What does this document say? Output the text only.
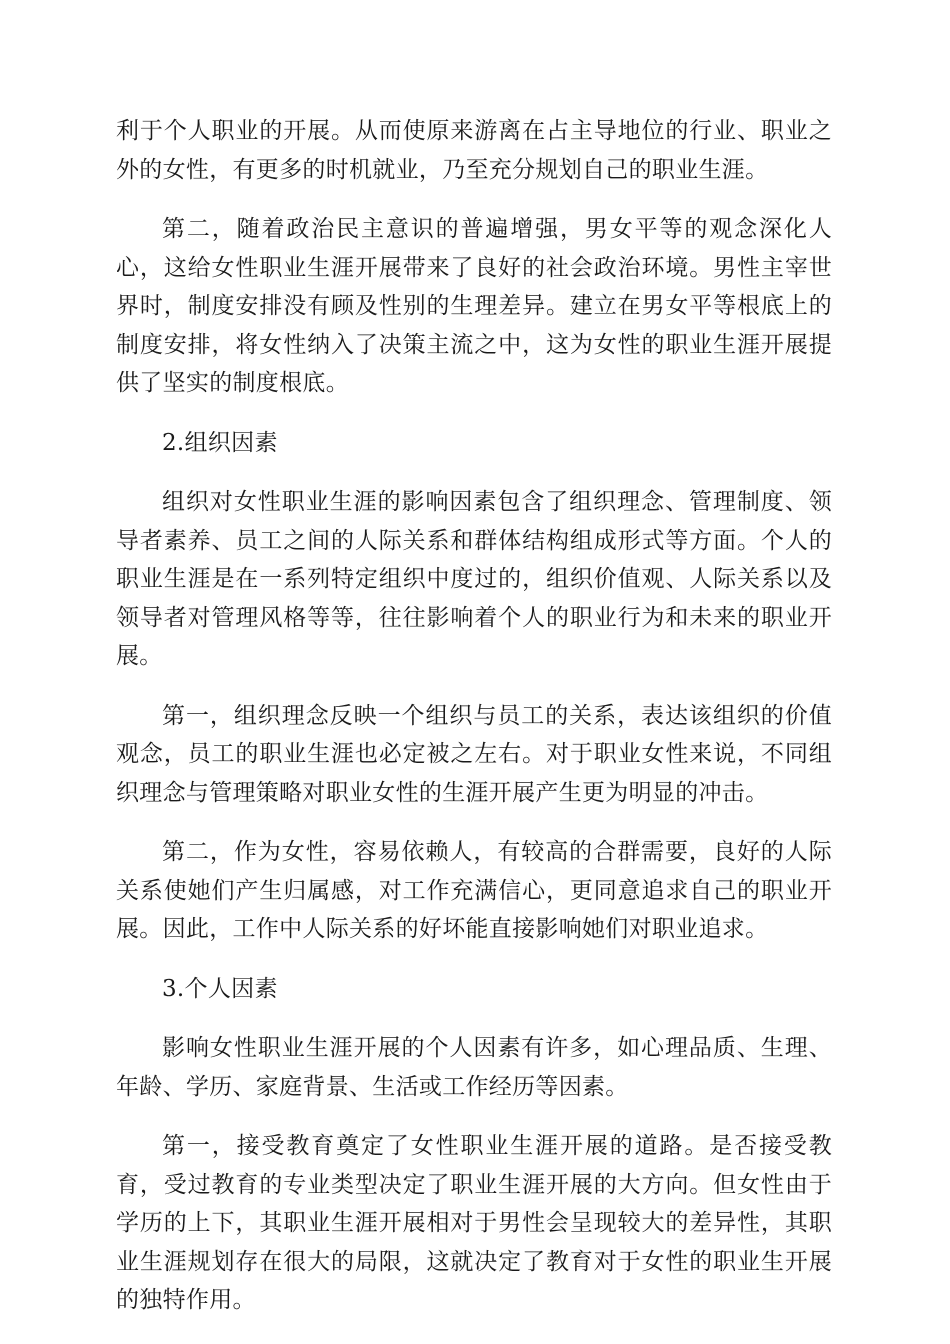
利于个人职业的开展。从而使原来游离在占主导地位的行业、职业之外的女性，有更多的时机就业，乃至充分规划自己的职业生涯。

第二，随着政治民主意识的普遍增强，男女平等的观念深化人心，这给女性职业生涯开展带来了良好的社会政治环境。男性主宰世界时，制度安排没有顾及性别的生理差异。建立在男女平等根底上的制度安排，将女性纳入了决策主流之中，这为女性的职业生涯开展提供了坚实的制度根底。

2.组织因素

组织对女性职业生涯的影响因素包含了组织理念、管理制度、领导者素养、员工之间的人际关系和群体结构组成形式等方面。个人的职业生涯是在一系列特定组织中度过的，组织价值观、人际关系以及领导者对管理风格等等，往往影响着个人的职业行为和未来的职业开展。

第一，组织理念反映一个组织与员工的关系，表达该组织的价值观念，员工的职业生涯也必定被之左右。对于职业女性来说，不同组织理念与管理策略对职业女性的生涯开展产生更为明显的冲击。

第二，作为女性，容易依赖人，有较高的合群需要，良好的人际关系使她们产生归属感，对工作充满信心，更同意追求自己的职业开展。因此，工作中人际关系的好坏能直接影响她们对职业追求。

3.个人因素

影响女性职业生涯开展的个人因素有许多，如心理品质、生理、年龄、学历、家庭背景、生活或工作经历等因素。

第一，接受教育奠定了女性职业生涯开展的道路。是否接受教育，受过教育的专业类型决定了职业生涯开展的大方向。但女性由于学历的上下，其职业生涯开展相对于男性会呈现较大的差异性，其职业生涯规划存在很大的局限，这就决定了教育对于女性的职业生开展的独特作用。
